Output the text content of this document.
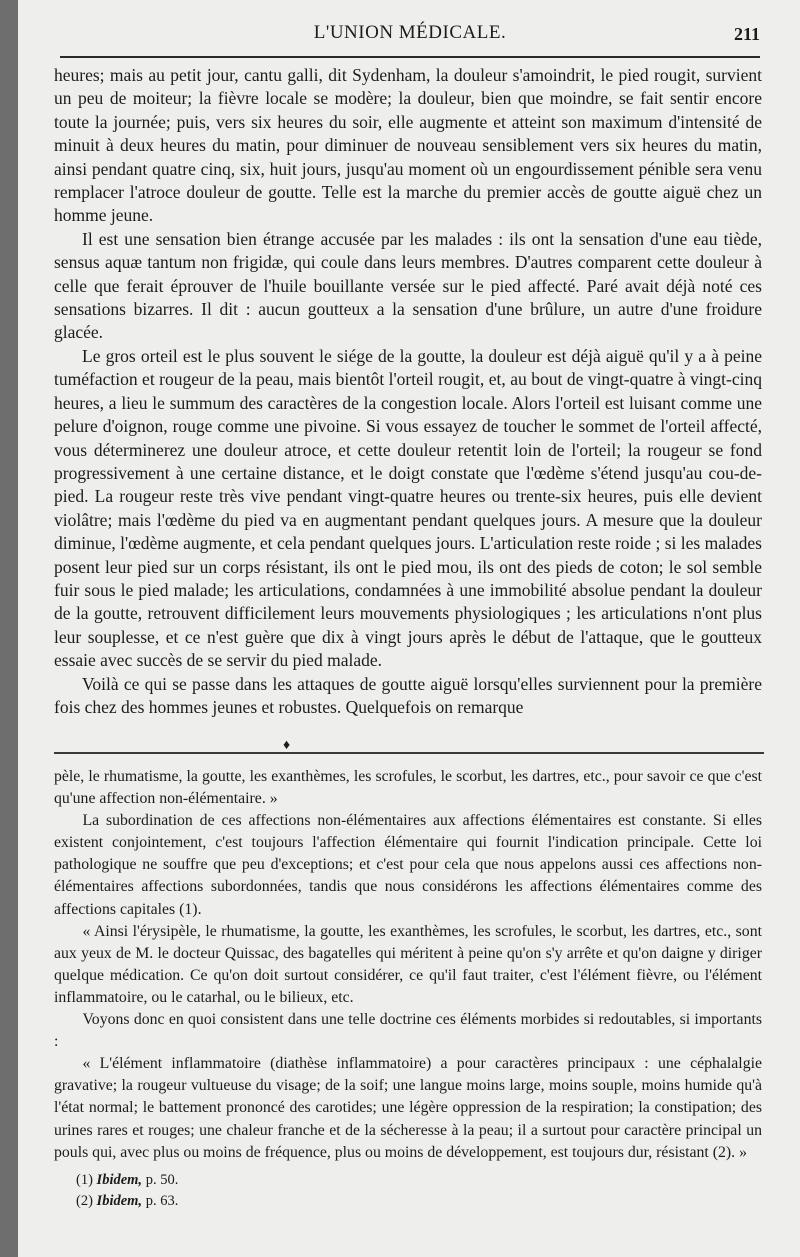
L'UNION MÉDICALE.	211

heures; mais au petit jour, cantu galli, dit Sydenham, la douleur s'amoindrit, le pied rougit, survient un peu de moiteur; la fièvre locale se modère; la douleur, bien que moindre, se fait sentir encore toute la journée; puis, vers six heures du soir, elle augmente et atteint son maximum d'intensité de minuit à deux heures du matin, pour diminuer de nouveau sensiblement vers six heures du matin, ainsi pendant quatre cinq, six, huit jours, jusqu'au moment où un engourdissement pénible sera venu remplacer l'atroce douleur de goutte. Telle est la marche du premier accès de goutte aiguë chez un homme jeune.

Il est une sensation bien étrange accusée par les malades : ils ont la sensation d'une eau tiède, sensus aquæ tantum non frigidæ, qui coule dans leurs membres. D'autres comparent cette douleur à celle que ferait éprouver de l'huile bouillante versée sur le pied affecté. Paré avait déjà noté ces sensations bizarres. Il dit : aucun goutteux a la sensation d'une brûlure, un autre d'une froidure glacée.

Le gros orteil est le plus souvent le siége de la goutte, la douleur est déjà aiguë qu'il y a à peine tuméfaction et rougeur de la peau, mais bientôt l'orteil rougit, et, au bout de vingt-quatre à vingt-cinq heures, a lieu le summum des caractères de la congestion locale. Alors l'orteil est luisant comme une pelure d'oignon, rouge comme une pivoine. Si vous essayez de toucher le sommet de l'orteil affecté, vous déterminerez une douleur atroce, et cette douleur retentit loin de l'orteil; la rougeur se fond progressivement à une certaine distance, et le doigt constate que l'œdème s'étend jusqu'au cou-de-pied. La rougeur reste très vive pendant vingt-quatre heures ou trente-six heures, puis elle devient violâtre; mais l'œdème du pied va en augmentant pendant quelques jours. A mesure que la douleur diminue, l'œdème augmente, et cela pendant quelques jours. L'articulation reste roide ; si les malades posent leur pied sur un corps résistant, ils ont le pied mou, ils ont des pieds de coton; le sol semble fuir sous le pied malade; les articulations, condamnées à une immobilité absolue pendant la douleur de la goutte, retrouvent difficilement leurs mouvements physiologiques ; les articulations n'ont plus leur souplesse, et ce n'est guère que dix à vingt jours après le début de l'attaque, que le goutteux essaie avec succès de se servir du pied malade.

Voilà ce qui se passe dans les attaques de goutte aiguë lorsqu'elles surviennent pour la première fois chez des hommes jeunes et robustes. Quelquefois on remarque

♦

pèle, le rhumatisme, la goutte, les exanthèmes, les scrofules, le scorbut, les dartres, etc., pour savoir ce que c'est qu'une affection non-élémentaire. »

La subordination de ces affections non-élémentaires aux affections élémentaires est constante. Si elles existent conjointement, c'est toujours l'affection élémentaire qui fournit l'indication principale. Cette loi pathologique ne souffre que peu d'exceptions; et c'est pour cela que nous appelons aussi ces affections non-élémentaires affections subordonnées, tandis que nous considérons les affections élémentaires comme des affections capitales (1).

« Ainsi l'érysipèle, le rhumatisme, la goutte, les exanthèmes, les scrofules, le scorbut, les dartres, etc., sont aux yeux de M. le docteur Quissac, des bagatelles qui méritent à peine qu'on s'y arrête et qu'on daigne y diriger quelque médication. Ce qu'on doit surtout considérer, ce qu'il faut traiter, c'est l'élément fièvre, ou l'élément inflammatoire, ou le catarhal, ou le bilieux, etc.

Voyons donc en quoi consistent dans une telle doctrine ces éléments morbides si redoutables, si importants :

« L'élément inflammatoire (diathèse inflammatoire) a pour caractères principaux : une céphalalgie gravative; la rougeur vultueuse du visage; de la soif; une langue moins large, moins souple, moins humide qu'à l'état normal; le battement prononcé des carotides; une légère oppression de la respiration; la constipation; des urines rares et rouges; une chaleur franche et de la sécheresse à la peau; il a surtout pour caractère principal un pouls qui, avec plus ou moins de fréquence, plus ou moins de développement, est toujours dur, résistant (2). »

(1) Ibidem, p. 50.

(2) Ibidem, p. 63.
